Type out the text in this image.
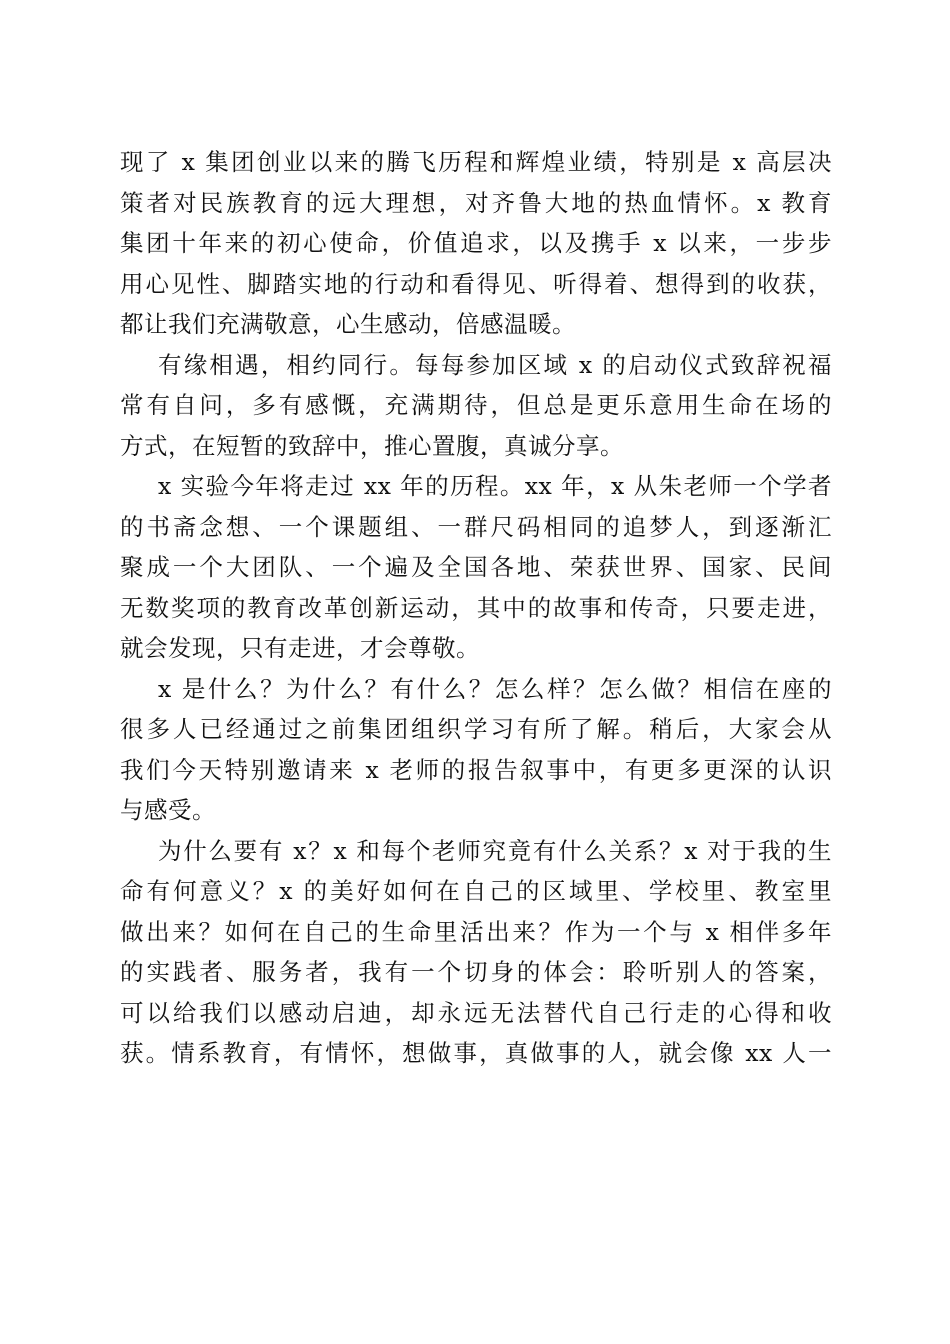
现了 x 集团创业以来的腾飞历程和辉煌业绩，特别是 x 高层决
策者对民族教育的远大理想，对齐鲁大地的热血情怀。x 教育
集团十年来的初心使命，价值追求，以及携手 x 以来，一步步
用心见性、脚踏实地的行动和看得见、听得着、想得到的收获，
都让我们充满敬意，心生感动，倍感温暖。
有缘相遇，相约同行。每每参加区域 x 的启动仪式致辞祝福
常有自问，多有感慨，充满期待，但总是更乐意用生命在场的
方式，在短暂的致辞中，推心置腹，真诚分享。
x 实验今年将走过 xx 年的历程。xx 年，x 从朱老师一个学者
的书斋念想、一个课题组、一群尺码相同的追梦人，到逐渐汇
聚成一个大团队、一个遍及全国各地、荣获世界、国家、民间
无数奖项的教育改革创新运动，其中的故事和传奇，只要走进，
就会发现，只有走进，才会尊敬。
x 是什么？为什么？有什么？怎么样？怎么做？相信在座的
很多人已经通过之前集团组织学习有所了解。稍后，大家会从
我们今天特别邀请来 x 老师的报告叙事中，有更多更深的认识
与感受。
为什么要有 x？x 和每个老师究竟有什么关系？x 对于我的生
命有何意义？x 的美好如何在自己的区域里、学校里、教室里
做出来？如何在自己的生命里活出来？作为一个与 x 相伴多年
的实践者、服务者，我有一个切身的体会：聆听别人的答案，
可以给我们以感动启迪，却永远无法替代自己行走的心得和收
获。情系教育，有情怀，想做事，真做事的人，就会像 xx 人一
